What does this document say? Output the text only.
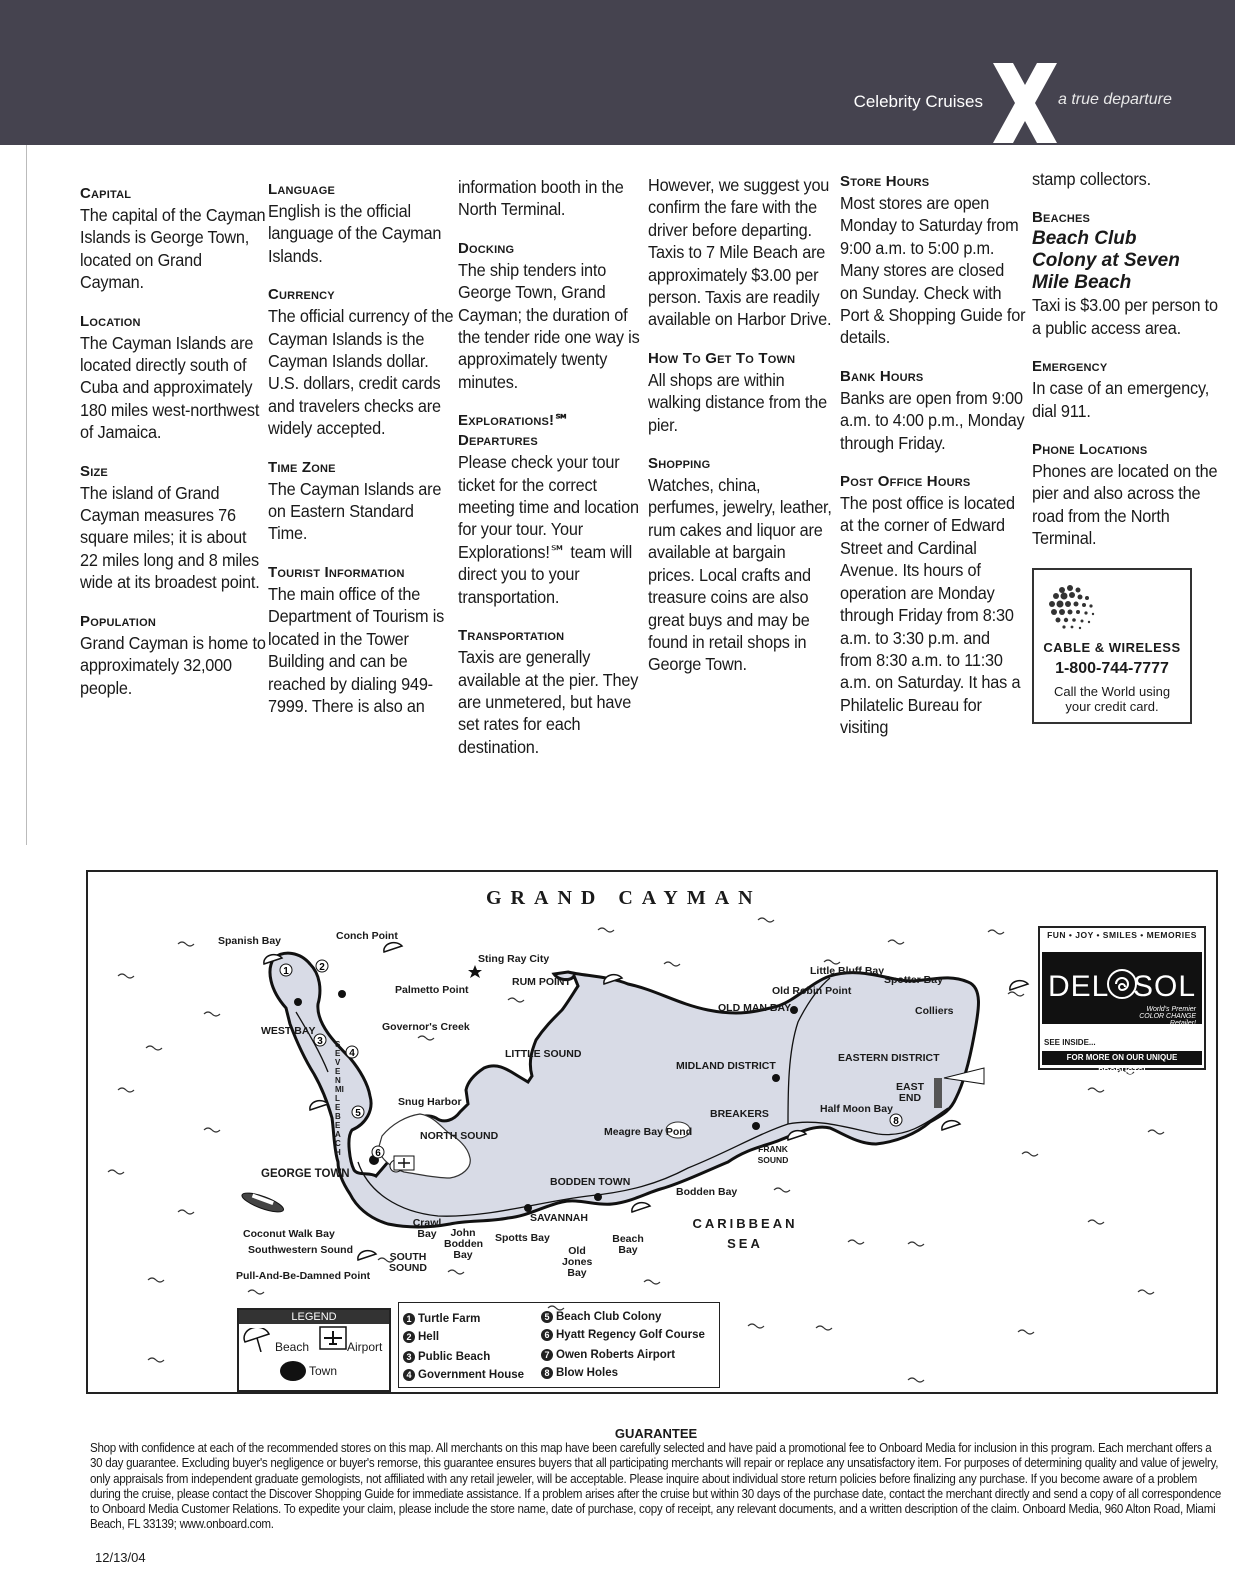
Celebrity Cruises	a true departure
Capital

The capital of the Cayman Islands is George Town, located on Grand Cayman.

Location

The Cayman Islands are located directly south of Cuba and approximately 180 miles west-northwest of Jamaica.

Size

The island of Grand Cayman measures 76 square miles; it is about 22 miles long and 8 miles wide at its broadest point.

Population

Grand Cayman is home to approximately 32,000 people.

Language

English is the official language of the Cayman Islands.

Currency

The official currency of the Cayman Islands is the Cayman Islands dollar. U.S. dollars, credit cards and travelers checks are widely accepted.

Time Zone

The Cayman Islands are on Eastern Standard Time.

Tourist Information

The main office of the Department of Tourism is located in the Tower Building and can be reached by dialing 949-7999. There is also an

information booth in the North Terminal.

Docking

The ship tenders into George Town, Grand Cayman; the duration of the tender ride one way is approximately twenty minutes.

Explorations!℠ Departures

Please check your tour ticket for the correct meeting time and location for your tour. Your Explorations!℠ team will direct you to your transportation.

Transportation

Taxis are generally available at the pier. They are unmetered, but have set rates for each destination.

However, we suggest you confirm the fare with the driver before departing. Taxis to 7 Mile Beach are approximately $3.00 per person. Taxis are readily available on Harbor Drive.

How To Get To Town

All shops are within walking distance from the pier.

Shopping

Watches, china, perfumes, jewelry, leather, rum cakes and liquor are available at bargain prices. Local crafts and treasure coins are also great buys and may be found in retail shops in George Town.

Store Hours

Most stores are open Monday to Saturday from 9:00 a.m. to 5:00 p.m. Many stores are closed on Sunday. Check with Port & Shopping Guide for details.

Bank Hours

Banks are open from 9:00 a.m. to 4:00 p.m., Monday through Friday.

Post Office Hours

The post office is located at the corner of Edward Street and Cardinal Avenue. Its hours of operation are Monday through Friday from 8:30 a.m. to 3:30 p.m. and from 8:30 a.m. to 11:30 a.m. on Saturday. It has a Philatelic Bureau for visiting

stamp collectors.

Beaches
Beach Club Colony at Seven Mile Beach

Taxi is $3.00 per person to a public access area.

Emergency

In case of an emergency, dial 911.

Phone Locations

Phones are located on the pier and also across the road from the North Terminal.

CABLE & WIRELESS
1-800-744-7777
Call the World using your credit card.
GRAND CAYMAN
1	2
3
4
5
6
8
Spanish Bay	Conch Point
Sting Ray City
RUM POINT
Palmetto Point
Governor's Creek
WEST BAY
SEVEN MILE BEACH
LITTLE SOUND
Snug Harbor
NORTH SOUND
GEORGE TOWN
Coconut Walk Bay
Southwestern Sound
Pull-And-Be-Damned Point
Crawl Bay	John Bodden Bay
SOUTH SOUND
Spotts Bay
Old Jones Bay
Beach Bay
SAVANNAH
BODDEN TOWN
Bodden Bay
Meagre Bay Pond
BREAKERS
FRANK SOUND
MIDLAND DISTRICT
OLD MAN BAY
Little Bluff Bay
Old Robin Point
Spotter Bay
Colliers
EASTERN DISTRICT
EAST END
Half Moon Bay
CARIBBEAN SEA
LEGEND
Beach	Airport
Town
1 Turtle Farm
2 Hell
3 Public Beach
4 Government House
5 Beach Club Colony
6 Hyatt Regency Golf Course
7 Owen Roberts Airport
8 Blow Holes
FUN • JOY • SMILES • MEMORIES
DEL SOL
World's Premier COLOR CHANGE Retailer!
SEE INSIDE...
FOR MORE ON OUR UNIQUE PRODUCTS!
GUARANTEE

Shop with confidence at each of the recommended stores on this map. All merchants on this map have been carefully selected and have paid a promotional fee to Onboard Media for inclusion in this program. Each merchant offers a 30 day guarantee. Excluding buyer's negligence or buyer's remorse, this guarantee ensures buyers that all participating merchants will repair or replace any unsatisfactory item. For purposes of determining quality and value of jewelry, only appraisals from independent graduate gemologists, not affiliated with any retail jeweler, will be acceptable. Please inquire about individual store return policies before finalizing any purchase. If you become aware of a problem during the cruise, please contact the Discover Shopping Guide for immediate assistance. If a problem arises after the cruise but within 30 days of the purchase date, contact the merchant directly and send a copy of all correspondence to Onboard Media Customer Relations. To expedite your claim, please include the store name, date of purchase, copy of receipt, any relevant documents, and a written description of the claim. Onboard Media, 960 Alton Road, Miami Beach, FL 33139; www.onboard.com.

12/13/04
